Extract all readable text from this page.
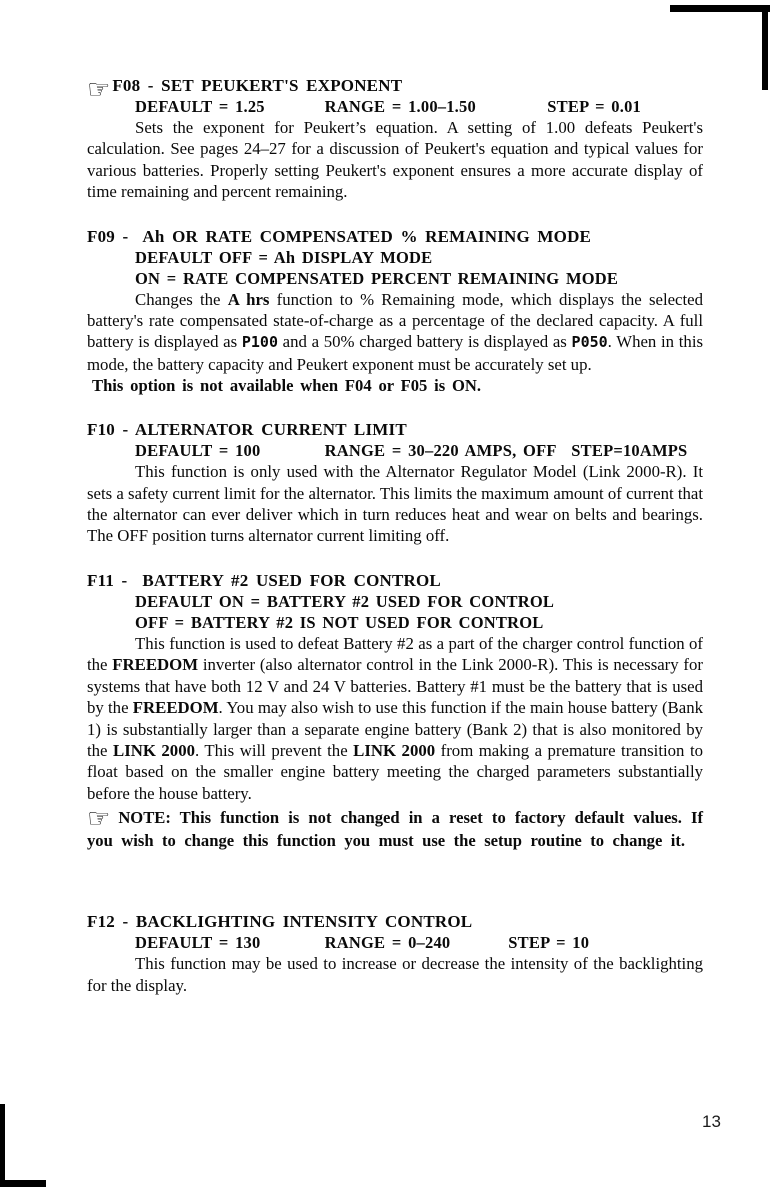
☞ F08 - SET PEUKERT'S EXPONENT
DEFAULT = 1.25	RANGE = 1.00–1.50	STEP = 0.01

Sets the exponent for Peukert’s equation. A setting of 1.00 defeats Peukert's calculation. See pages 24–27 for a discussion of Peukert's equation and typical values for various batteries. Properly setting Peukert's exponent ensures a more accurate display of time remaining and percent remaining.

F09 -  Ah OR RATE COMPENSATED % REMAINING MODE
DEFAULT OFF = Ah DISPLAY MODE
ON = RATE COMPENSATED PERCENT REMAINING MODE

Changes the A hrs function to % Remaining mode, which displays the selected battery's rate compensated state-of-charge as a percentage of the declared capacity. A full battery is displayed as P100 and a 50% charged battery is displayed as P050. When in this mode, the battery capacity and Peukert exponent must be accurately set up.

This option is not available when F04 or F05 is ON.
F10 - ALTERNATOR CURRENT LIMIT
DEFAULT = 100	RANGE = 30–220 AMPS, OFF STEP=10AMPS

This function is only used with the Alternator Regulator Model (Link 2000-R). It sets a safety current limit for the alternator. This limits the maximum amount of current that the alternator can ever deliver which in turn reduces heat and wear on belts and bearings. The OFF position turns alternator current limiting off.

F11 -  BATTERY #2 USED FOR CONTROL
DEFAULT ON = BATTERY #2 USED FOR CONTROL
OFF = BATTERY #2 IS NOT USED FOR CONTROL

This function is used to defeat Battery #2 as a part of the charger control function of the FREEDOM inverter (also alternator control in the Link 2000-R). This is necessary for systems that have both 12 V and 24 V batteries. Battery #1 must be the battery that is used by the FREEDOM. You may also wish to use this function if the main house battery (Bank 1) is substantially larger than a separate engine battery (Bank 2) that is also monitored by the LINK 2000. This will prevent the LINK 2000 from making a premature transition to float based on the smaller engine battery meeting the charged parameters substantially before the house battery.

☞ NOTE: This function is not changed in a reset to factory default values. If you wish to change this function you must use the setup routine to change it.

F12 - BACKLIGHTING INTENSITY CONTROL
DEFAULT = 130	RANGE = 0–240	STEP = 10

This function may be used to increase or decrease the intensity of the backlighting for the display.

13
